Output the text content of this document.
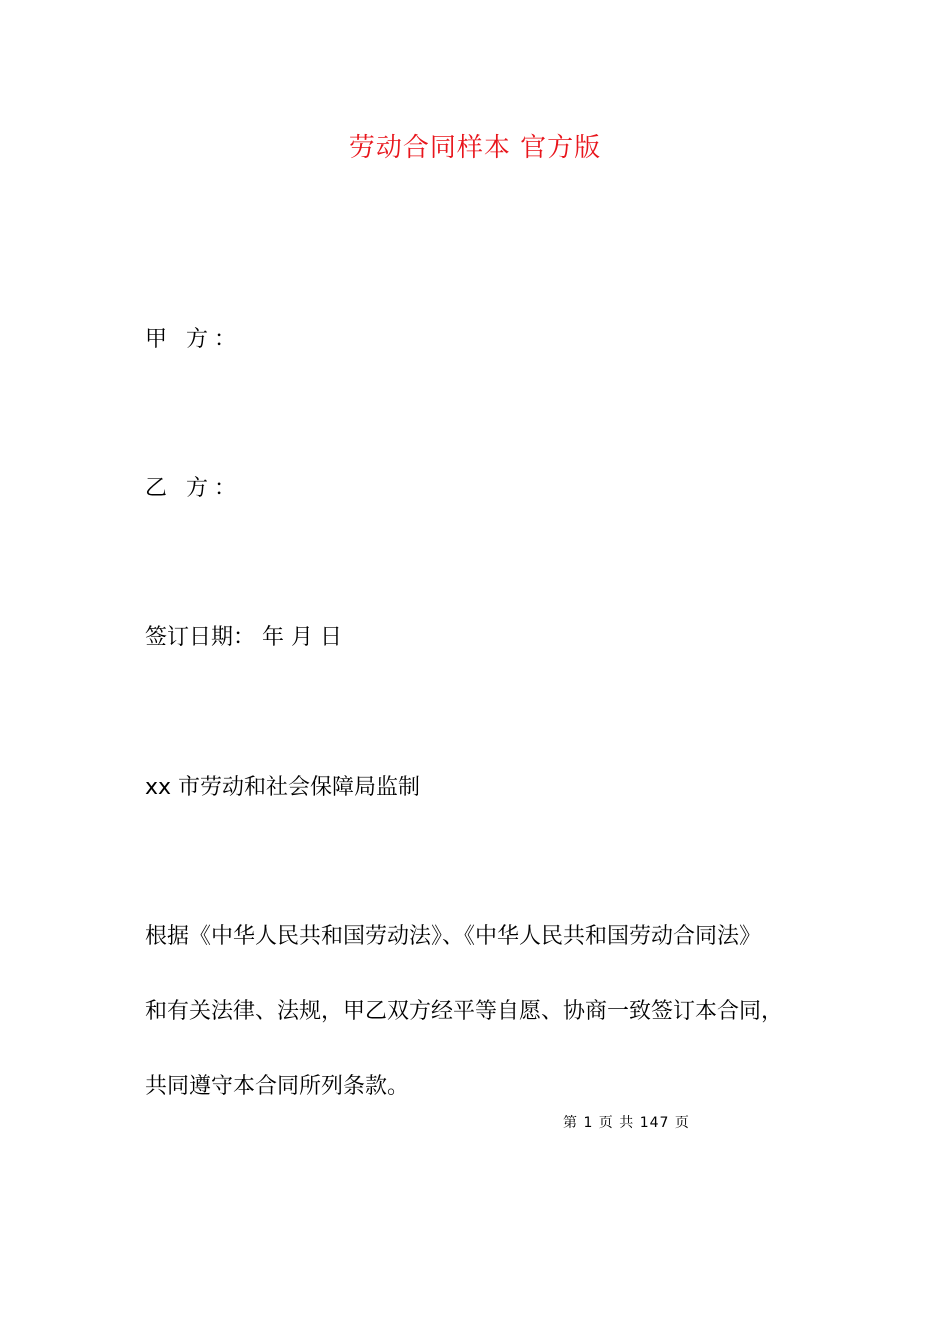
劳动合同样本 官方版
甲 方：
乙 方：
签订日期： 年 月 日
xx 市劳动和社会保障局监制
根据《中华人民共和国劳动法》、《中华人民共和国劳动合同法》
和有关法律、法规，甲乙双方经平等自愿、协商一致签订本合同，
共同遵守本合同所列条款。
第 1 页 共 147 页
